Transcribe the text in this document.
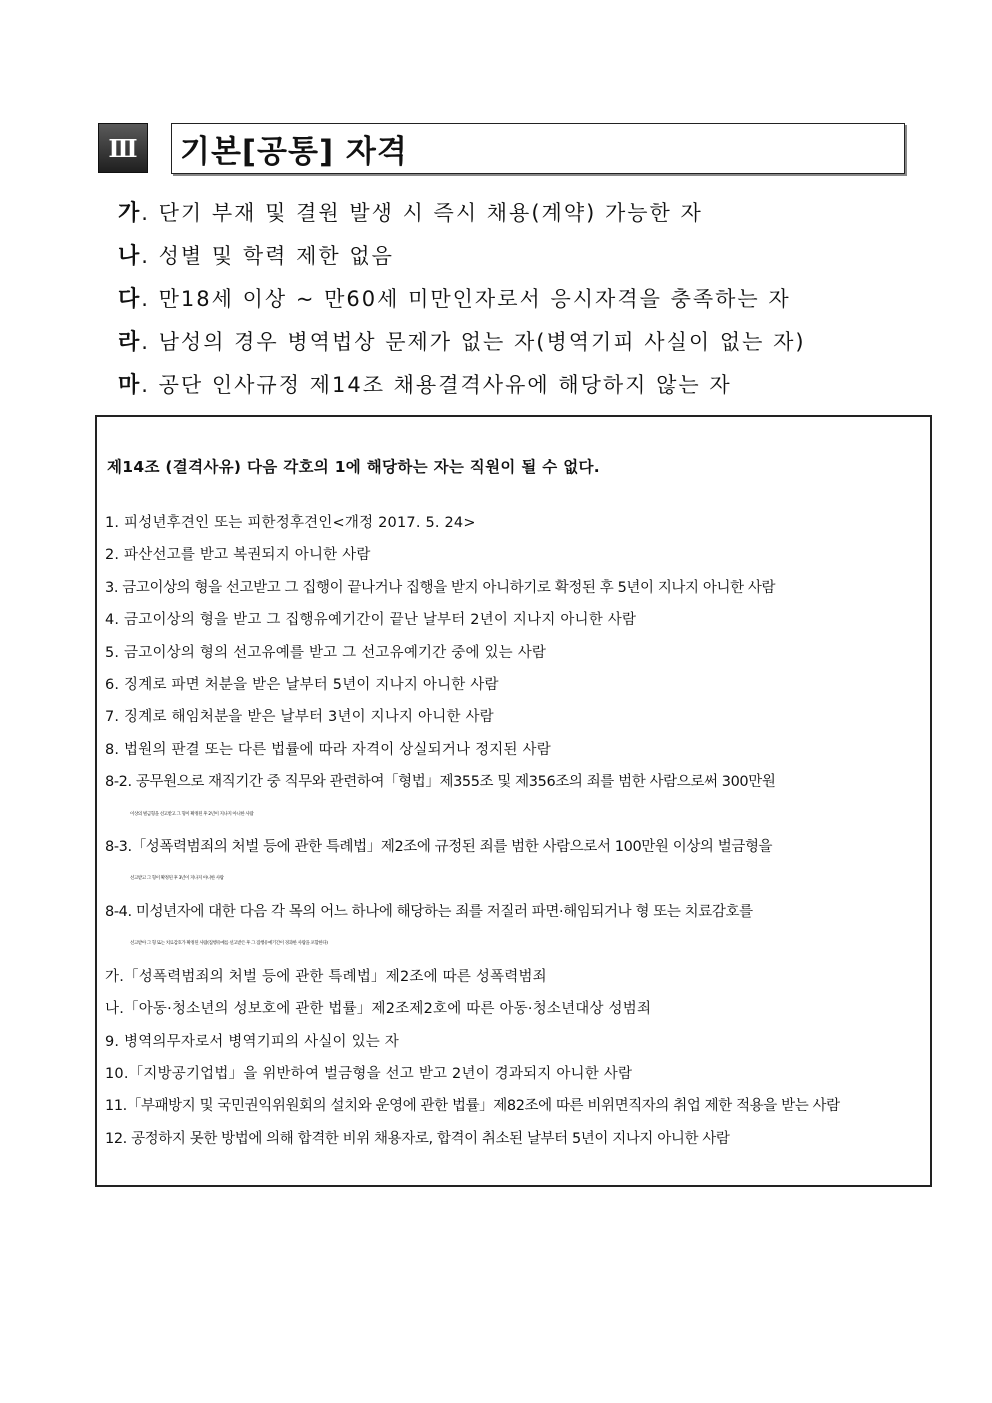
Ⅲ	기본[공통] 자격
가 . 단기 부재 및 결원 발생 시 즉시 채용(계약) 가능한 자
나 . 성별 및 학력 제한 없음
다 . 만18세 이상 ~ 만60세 미만인자로서 응시자격을 충족하는 자
라 . 남성의 경우 병역법상 문제가 없는 자(병역기피 사실이 없는 자)
마 . 공단 인사규정 제14조 채용결격사유에 해당하지 않는 자
제14조 (결격사유) 다음 각호의 1에 해당하는 자는 직원이 될 수 없다.
1. 피성년후견인 또는 피한정후견인<개정 2017. 5. 24>
2. 파산선고를 받고 복권되지 아니한 사람
3. 금고이상의 형을 선고받고 그 집행이 끝나거나 집행을 받지 아니하기로 확정된 후 5년이 지나지 아니한 사람
4. 금고이상의 형을 받고 그 집행유예기간이 끝난 날부터 2년이 지나지 아니한 사람
5. 금고이상의 형의 선고유예를 받고 그 선고유예기간 중에 있는 사람
6. 징계로 파면 처분을 받은 날부터 5년이 지나지 아니한 사람
7. 징계로 해임처분을 받은 날부터 3년이 지나지 아니한 사람
8. 법원의 판결 또는 다른 법률에 따라 자격이 상실되거나 정지된 사람
8-2. 공무원으로 재직기간 중 직무와 관련하여「형법」제355조 및 제356조의 죄를 범한 사람으로써 300만원
이상의 벌금형을 선고받고 그 형이 확정된 후 2년이 지나지 아니한 사람
8-3.「성폭력범죄의 처벌 등에 관한 특례법」제2조에 규정된 죄를 범한 사람으로서 100만원 이상의 벌금형을
선고받고 그 형이 확정된 후 3년이 지나지 아니한 사람
8-4. 미성년자에 대한 다음 각 목의 어느 하나에 해당하는 죄를 저질러 파면·해임되거나 형 또는 치료감호를
선고받아 그 형 또는 치료감호가 확정된 사람(집행유예를 선고받은 후 그 집행유예기간이 경과한 사람을 포함한다)
가.「성폭력범죄의 처벌 등에 관한 특례법」제2조에 따른 성폭력범죄
나.「아동·청소년의 성보호에 관한 법률」제2조제2호에 따른 아동·청소년대상 성범죄
9. 병역의무자로서 병역기피의 사실이 있는 자
10.「지방공기업법」을 위반하여 벌금형을 선고 받고 2년이 경과되지 아니한 사람
11.「부패방지 및 국민권익위원회의 설치와 운영에 관한 법률」제82조에 따른 비위면직자의 취업 제한 적용을 받는 사람
12. 공정하지 못한 방법에 의해 합격한 비위 채용자로, 합격이 취소된 날부터 5년이 지나지 아니한 사람
